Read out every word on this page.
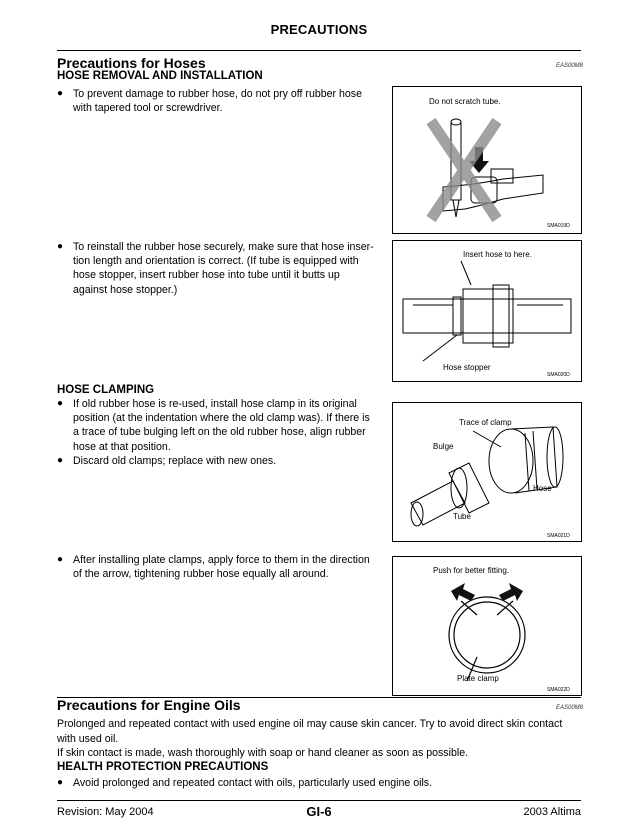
PRECAUTIONS
Precautions for Hoses	EAS00M8
HOSE REMOVAL AND INSTALLATION
● To prevent damage to rubber hose, do not pry off rubber hose
with tapered tool or screwdriver.
Do not scratch tube.
SMA019D
● To reinstall the rubber hose securely, make sure that hose inser-
tion length and orientation is correct. (If tube is equipped with
hose stopper, insert rubber hose into tube until it butts up
against hose stopper.)
Insert hose to here.
Hose stopper
SMA020D
HOSE CLAMPING
● If old rubber hose is re-used, install hose clamp in its original
position (at the indentation where the old clamp was). If there is
a trace of tube bulging left on the old rubber hose, align rubber
hose at that position.
● Discard old clamps; replace with new ones.
Trace of clamp
Bulge
Hose
Tube
SMA021D
● After installing plate clamps, apply force to them in the direction
of the arrow, tightening rubber hose equally all around.	Push for better fitting.
Plate clamp
SMA022D
Precautions for Engine Oils	EAS00M8
Prolonged and repeated contact with used engine oil may cause skin cancer. Try to avoid direct skin contact
with used oil.
If skin contact is made, wash thoroughly with soap or hand cleaner as soon as possible.
HEALTH PROTECTION PRECAUTIONS
● Avoid prolonged and repeated contact with oils, particularly used engine oils.
Revision: May 2004	GI-6	2003 Altima
